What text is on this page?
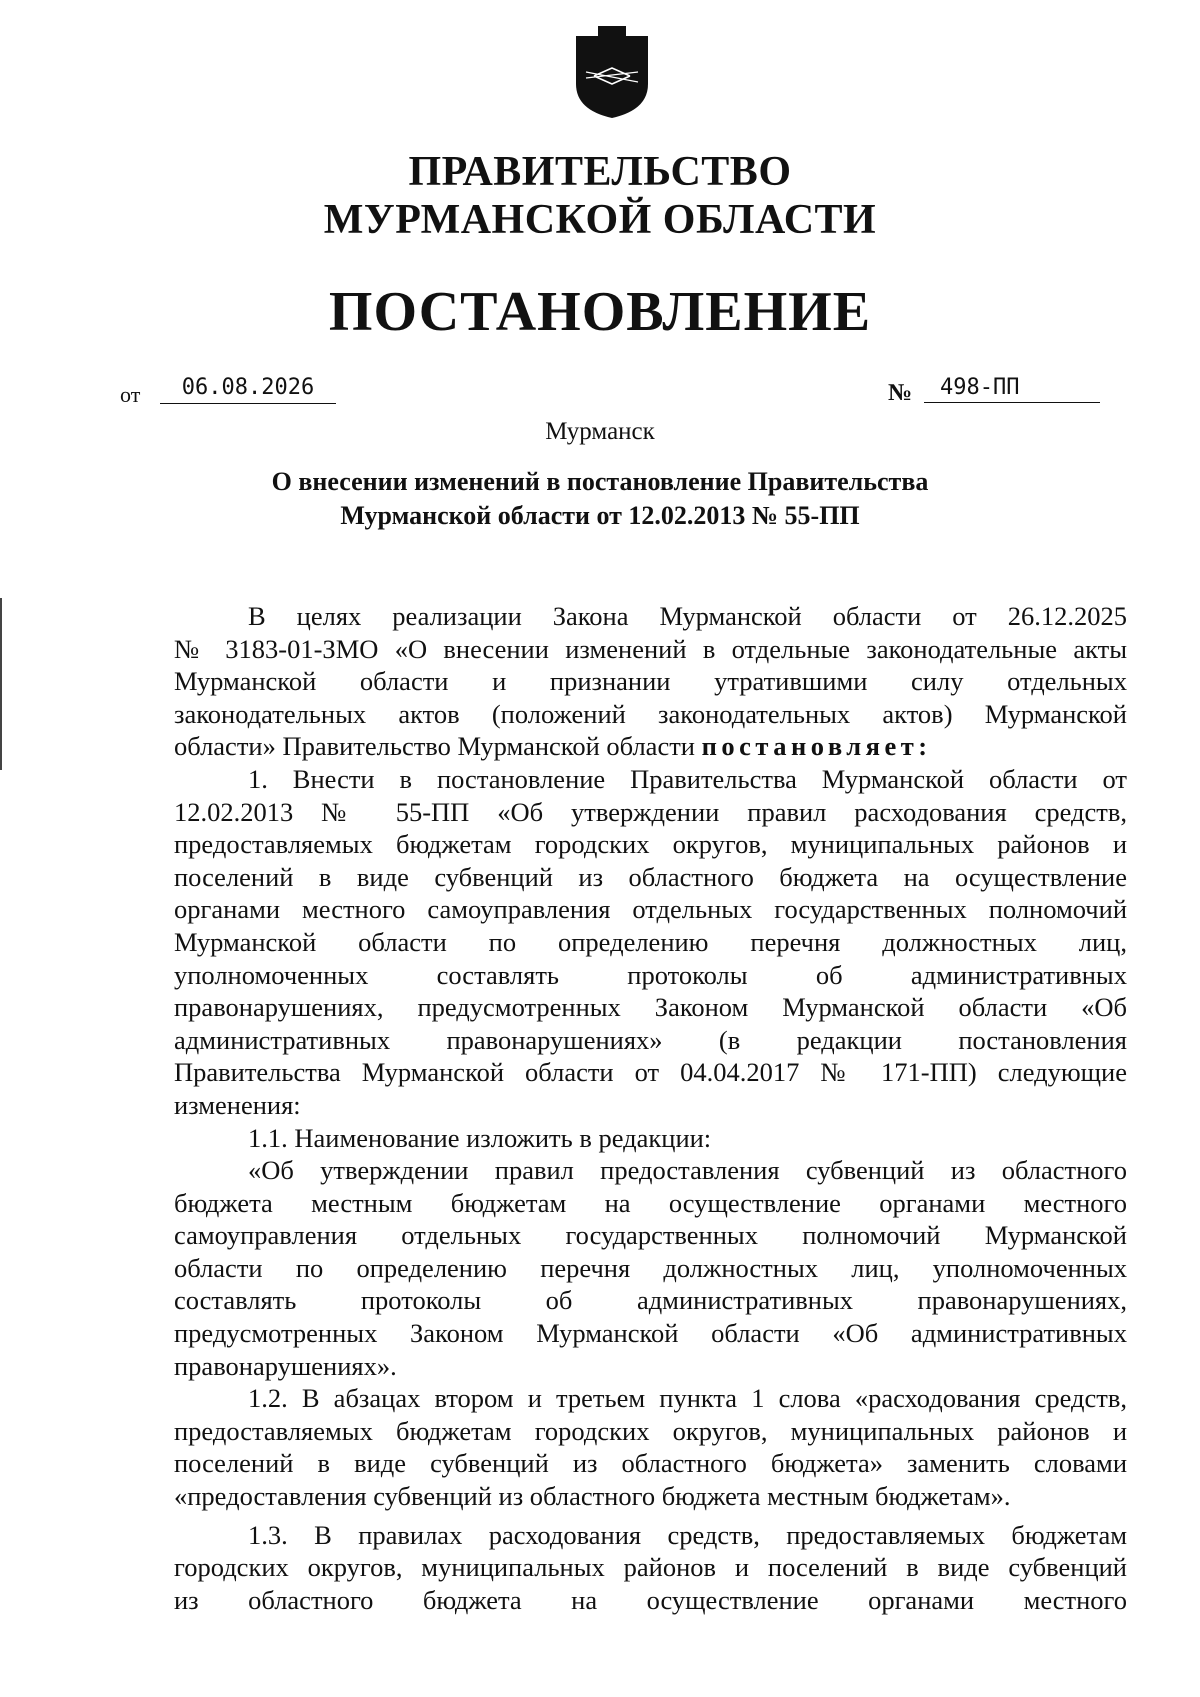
ПРАВИТЕЛЬСТВО
МУРМАНСКОЙ ОБЛАСТИ
ПОСТАНОВЛЕНИЕ
от	06.08.2026	№	498-ПП
Мурманск
О внесении изменений в постановление Правительства
Мурманской области от 12.02.2013 № 55-ПП
В целях реализации Закона Мурманской области от 26.12.2025
№ 3183-01-ЗМО «О внесении изменений в отдельные законодательные акты
Мурманской области и признании утратившими силу отдельных
законодательных актов (положений законодательных актов) Мурманской
области» Правительство Мурманской области постановляет:
1. Внести в постановление Правительства Мурманской области от
12.02.2013 № 55-ПП «Об утверждении правил расходования средств,
предоставляемых бюджетам городских округов, муниципальных районов и
поселений в виде субвенций из областного бюджета на осуществление
органами местного самоуправления отдельных государственных полномочий
Мурманской области по определению перечня должностных лиц,
уполномоченных составлять протоколы об административных
правонарушениях, предусмотренных Законом Мурманской области «Об
административных правонарушениях» (в редакции постановления
Правительства Мурманской области от 04.04.2017 № 171-ПП) следующие
изменения:
1.1. Наименование изложить в редакции:
«Об утверждении правил предоставления субвенций из областного
бюджета местным бюджетам на осуществление органами местного
самоуправления отдельных государственных полномочий Мурманской
области по определению перечня должностных лиц, уполномоченных
составлять протоколы об административных правонарушениях,
предусмотренных Законом Мурманской области «Об административных
правонарушениях».
1.2. В абзацах втором и третьем пункта 1 слова «расходования средств,
предоставляемых бюджетам городских округов, муниципальных районов и
поселений в виде субвенций из областного бюджета» заменить словами
«предоставления субвенций из областного бюджета местным бюджетам».
1.3. В правилах расходования средств, предоставляемых бюджетам
городских округов, муниципальных районов и поселений в виде субвенций
из областного бюджета на осуществление органами местного
